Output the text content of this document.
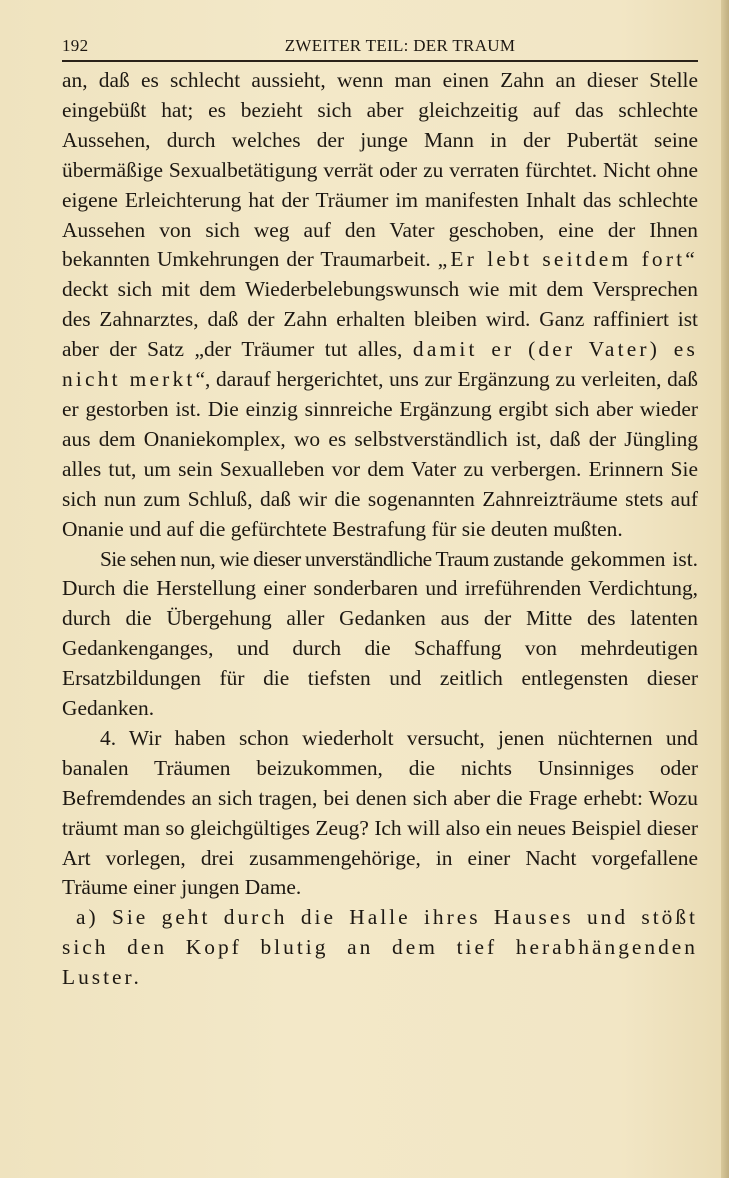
192	ZWEITER TEIL: DER TRAUM

an, daß es schlecht aussieht, wenn man einen Zahn an dieser Stelle eingebüßt hat; es bezieht sich aber gleichzeitig auf das schlechte Aussehen, durch welches der junge Mann in der Pubertät seine übermäßige Sexualbetätigung verrät oder zu verraten fürchtet. Nicht ohne eigene Erleichterung hat der Träumer im manifesten Inhalt das schlechte Aussehen von sich weg auf den Vater geschoben, eine der Ihnen bekannten Umkehrungen der Traumarbeit. „Er lebt seitdem fort“ deckt sich mit dem Wiederbelebungswunsch wie mit dem Versprechen des Zahnarztes, daß der Zahn erhalten bleiben wird. Ganz raffiniert ist aber der Satz „der Träumer tut alles, damit er (der Vater) es nicht merkt“, darauf hergerichtet, uns zur Ergänzung zu verleiten, daß er gestorben ist. Die einzig sinnreiche Ergänzung ergibt sich aber wieder aus dem Onaniekomplex, wo es selbstverständlich ist, daß der Jüngling alles tut, um sein Sexualleben vor dem Vater zu verbergen. Erinnern Sie sich nun zum Schluß, daß wir die sogenannten Zahnreizträume stets auf Onanie und auf die gefürchtete Bestrafung für sie deuten mußten.

Sie sehen nun, wie dieser unverständliche Traum zustande gekommen ist. Durch die Herstellung einer sonderbaren und irreführenden Verdichtung, durch die Übergehung aller Gedanken aus der Mitte des latenten Gedankenganges, und durch die Schaffung von mehrdeutigen Ersatzbildungen für die tiefsten und zeitlich entlegensten dieser Gedanken.

4. Wir haben schon wiederholt versucht, jenen nüchternen und banalen Träumen beizukommen, die nichts Unsinniges oder Befremdendes an sich tragen, bei denen sich aber die Frage erhebt: Wozu träumt man so gleichgültiges Zeug? Ich will also ein neues Beispiel dieser Art vorlegen, drei zusammengehörige, in einer Nacht vorgefallene Träume einer jungen Dame.

a) Sie geht durch die Halle ihres Hauses und stößt sich den Kopf blutig an dem tief herabhängenden Luster.
